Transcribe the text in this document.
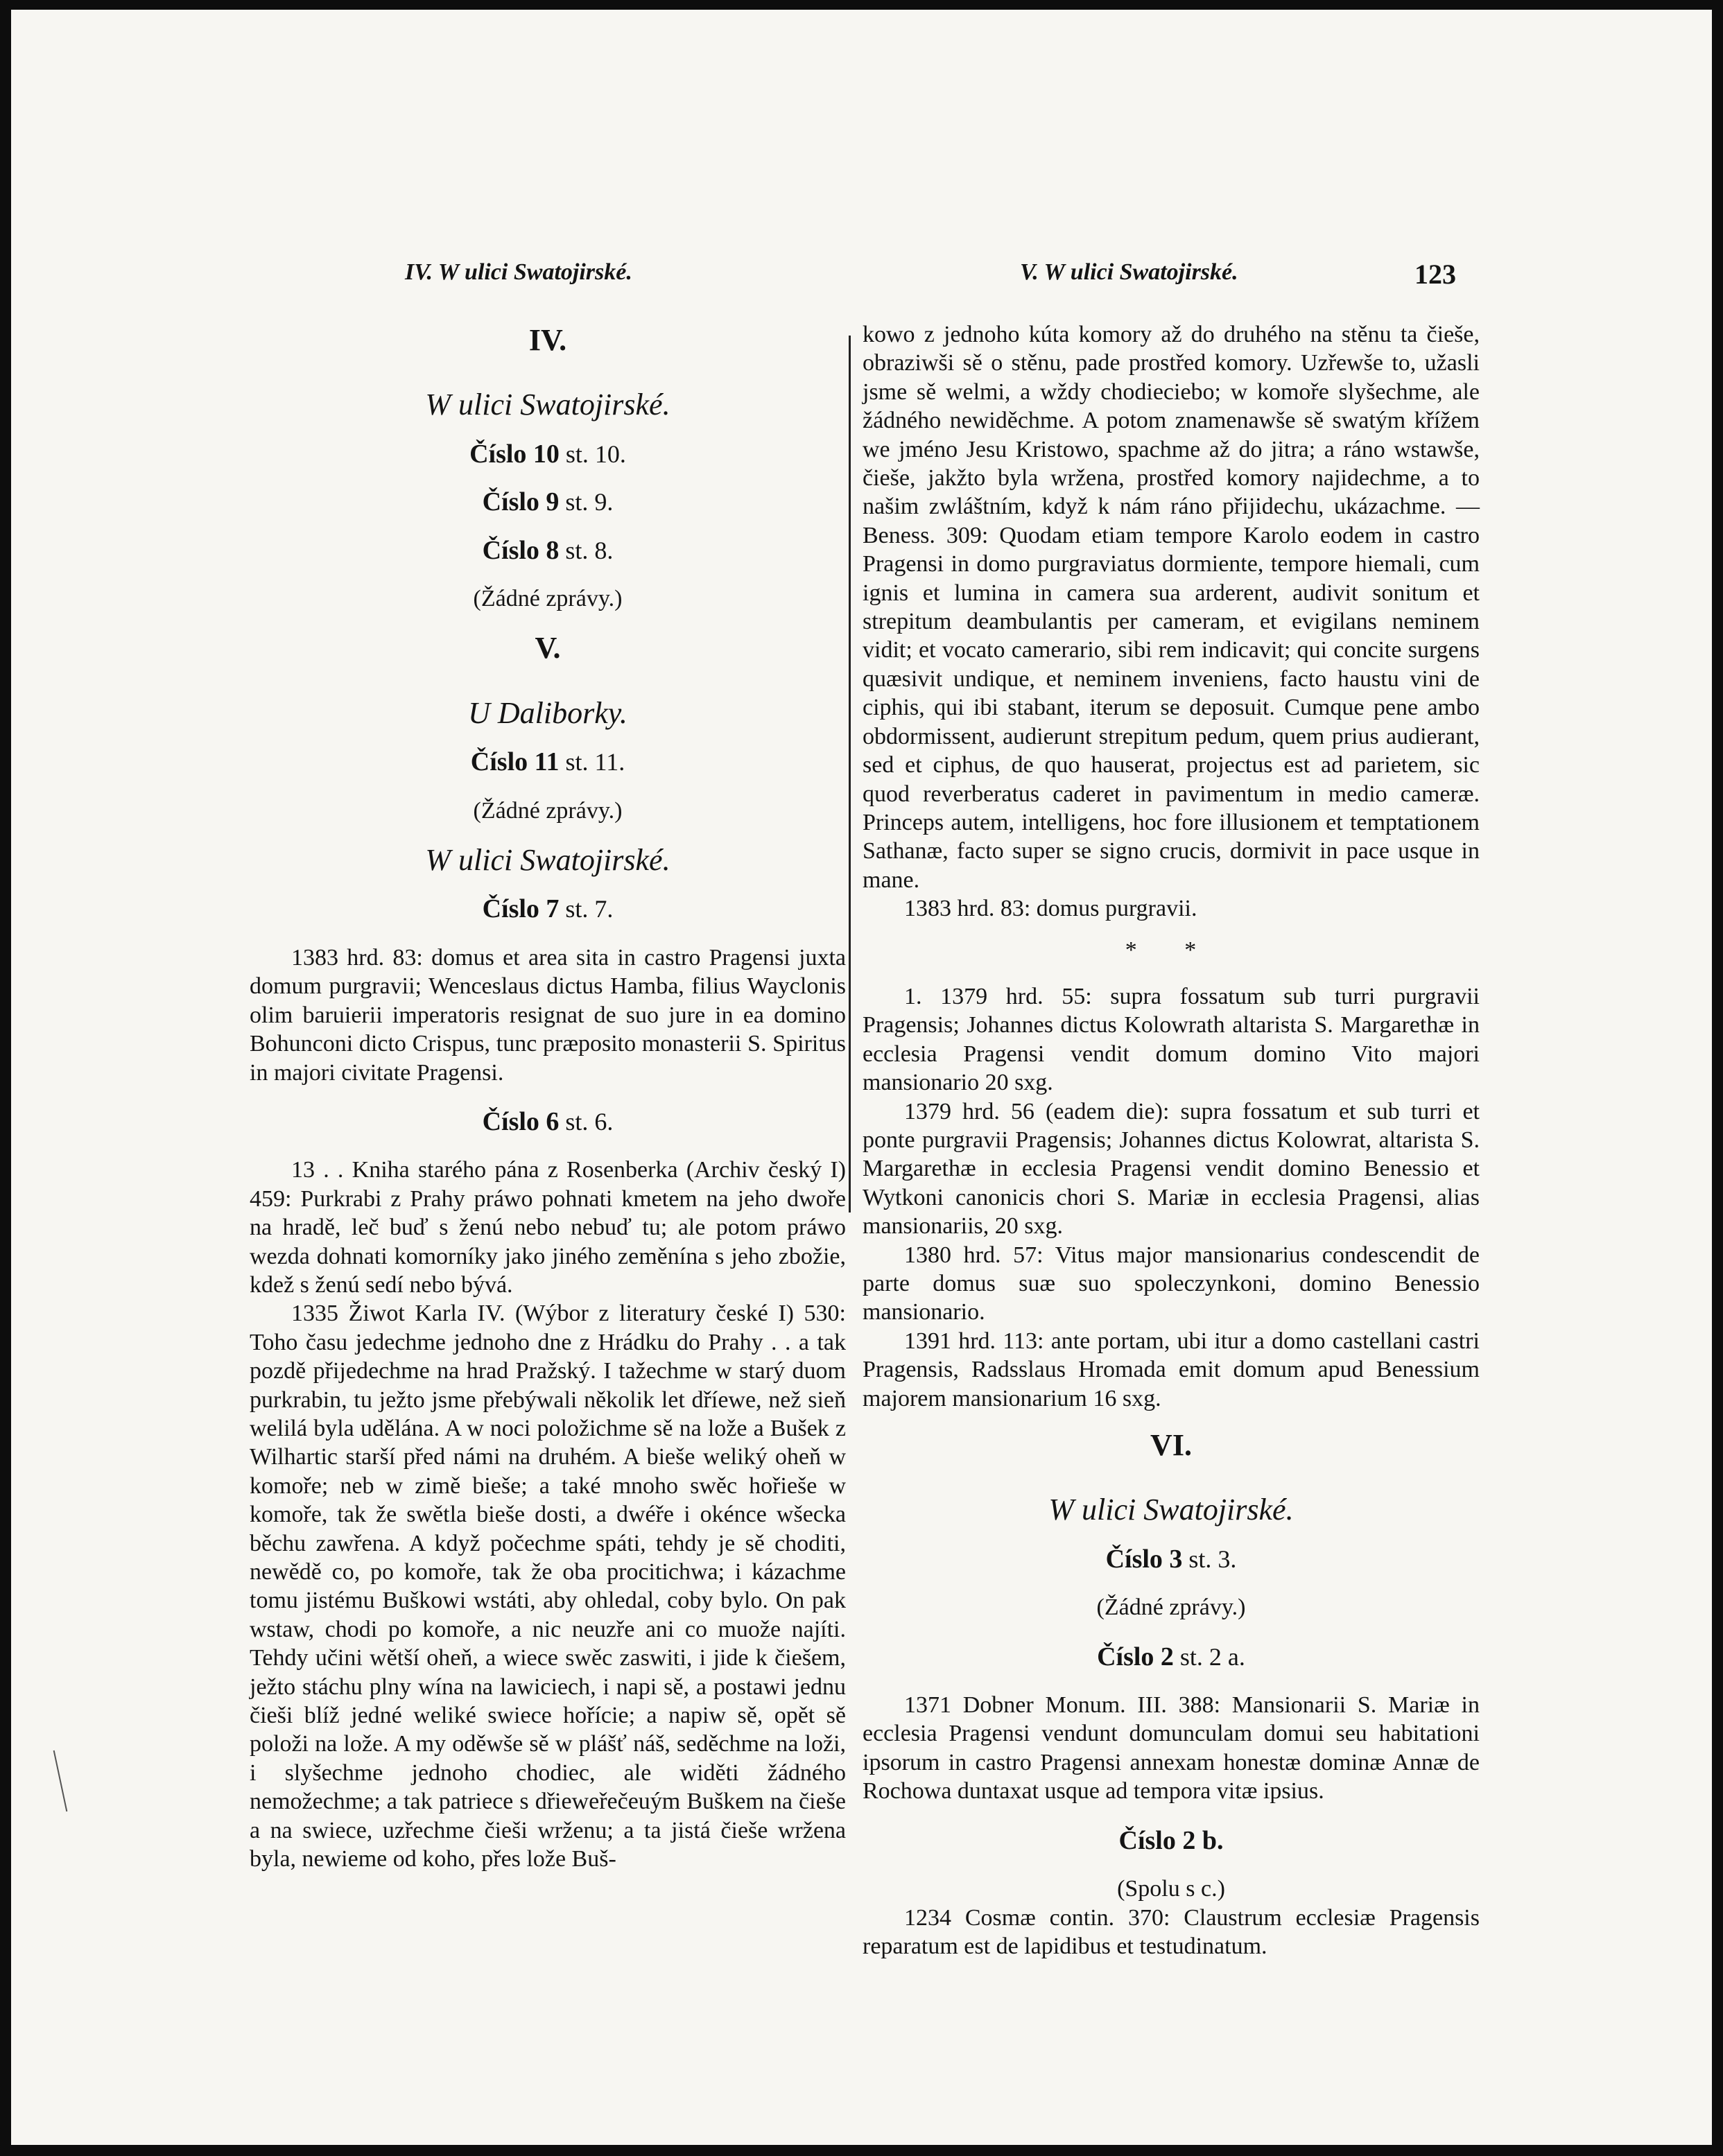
IV. W ulici Swatojirské.	V. W ulici Swatojirské.	123
IV.
W ulici Swatojirské.
Číslo 10 st. 10.
Číslo 9 st. 9.
Číslo 8 st. 8.
(Žádné zprávy.)
V.
U Daliborky.
Číslo 11 st. 11.
(Žádné zprávy.)
W ulici Swatojirské.
Číslo 7 st. 7.

1383 hrd. 83: domus et area sita in castro Pragensi juxta domum purgravii; Wenceslaus dictus Hamba, filius Wayclonis olim baruierii imperatoris resignat de suo jure in ea domino Bohunconi dicto Crispus, tunc præposito monasterii S. Spiritus in majori civitate Pragensi.

Číslo 6 st. 6.

13 . . Kniha starého pána z Rosenberka (Archiv český I) 459: Purkrabi z Prahy práwo pohnati kmetem na jeho dwoře na hradě, leč buď s ženú nebo nebuď tu; ale potom práwo wezda dohnati komorníky jako jiného zeměnína s jeho zbožie, kdež s ženú sedí nebo bývá.

1335 Žiwot Karla IV. (Wýbor z literatury české I) 530: Toho času jedechme jednoho dne z Hrádku do Prahy . . a tak pozdě přijedechme na hrad Pražský. I tažechme w starý duom purkrabin, tu ježto jsme přebýwali několik let dříewe, než sieň welilá byla udělána. A w noci položichme sě na lože a Bušek z Wilhartic starší před námi na druhém. A bieše weliký oheň w komoře; neb w zimě bieše; a také mnoho swěc hořieše w komoře, tak že swětla bieše dosti, a dwéře i okénce wšecka běchu zawřena. A když počechme spáti, tehdy je sě choditi, newědě co, po komoře, tak že oba procitichwa; i kázachme tomu jistému Buškowi wstáti, aby ohledal, coby bylo. On pak wstaw, chodi po komoře, a nic neuzře ani co muože najíti. Tehdy učini wětší oheň, a wiece swěc zaswiti, i jide k čiešem, ježto stáchu plny wína na lawiciech, i napi sě, a postawi jednu čieši blíž jedné weliké swiece hořície; a napiw sě, opět sě položi na lože. A my oděwše sě w plášť náš, seděchme na loži, i slyšechme jednoho chodiec, ale widěti žádného nemožechme; a tak patriece s dřieweřečeuým Buškem na čieše a na swiece, uzřechme čieši wrženu; a ta jistá čieše wržena byla, newieme od koho, přes lože Buš-

kowo z jednoho kúta komory až do druhého na stěnu ta čieše, obraziwši sě o stěnu, pade prostřed komory. Uzřewše to, užasli jsme sě welmi, a wždy chodieciebo; w komoře slyšechme, ale žádného newiděchme. A potom znamenawše sě swatým křížem we jméno Jesu Kristowo, spachme až do jitra; a ráno wstawše, čieše, jakžto byla wržena, prostřed komory najidechme, a to našim zwláštním, když k nám ráno přijidechu, ukázachme. — Beness. 309: Quodam etiam tempore Karolo eodem in castro Pragensi in domo purgraviatus dormiente, tempore hiemali, cum ignis et lumina in camera sua arderent, audivit sonitum et strepitum deambulantis per cameram, et evigilans neminem vidit; et vocato camerario, sibi rem indicavit; qui concite surgens quæsivit undique, et neminem inveniens, facto haustu vini de ciphis, qui ibi stabant, iterum se deposuit. Cumque pene ambo obdormissent, audierunt strepitum pedum, quem prius audierant, sed et ciphus, de quo hauserat, projectus est ad parietem, sic quod reverberatus caderet in pavimentum in medio cameræ. Princeps autem, intelligens, hoc fore illusionem et temptationem Sathanæ, facto super se signo crucis, dormivit in pace usque in mane.

1383 hrd. 83: domus purgravii.

* *

1. 1379 hrd. 55: supra fossatum sub turri purgravii Pragensis; Johannes dictus Kolowrath altarista S. Margarethæ in ecclesia Pragensi vendit domum domino Vito majori mansionario 20 sxg.

1379 hrd. 56 (eadem die): supra fossatum et sub turri et ponte purgravii Pragensis; Johannes dictus Kolowrat, altarista S. Margarethæ in ecclesia Pragensi vendit domino Benessio et Wytkoni canonicis chori S. Mariæ in ecclesia Pragensi, alias mansionariis, 20 sxg.

1380 hrd. 57: Vitus major mansionarius condescendit de parte domus suæ suo spoleczynkoni, domino Benessio mansionario.

1391 hrd. 113: ante portam, ubi itur a domo castellani castri Pragensis, Radsslaus Hromada emit domum apud Benessium majorem mansionarium 16 sxg.

VI.
W ulici Swatojirské.
Číslo 3 st. 3.
(Žádné zprávy.)
Číslo 2 st. 2 a.

1371 Dobner Monum. III. 388: Mansionarii S. Mariæ in ecclesia Pragensi vendunt domunculam domui seu habitationi ipsorum in castro Pragensi annexam honestæ dominæ Annæ de Rochowa duntaxat usque ad tempora vitæ ipsius.

Číslo 2 b.
(Spolu s c.)

1234 Cosmæ contin. 370: Claustrum ecclesiæ Pragensis reparatum est de lapidibus et testudinatum.
